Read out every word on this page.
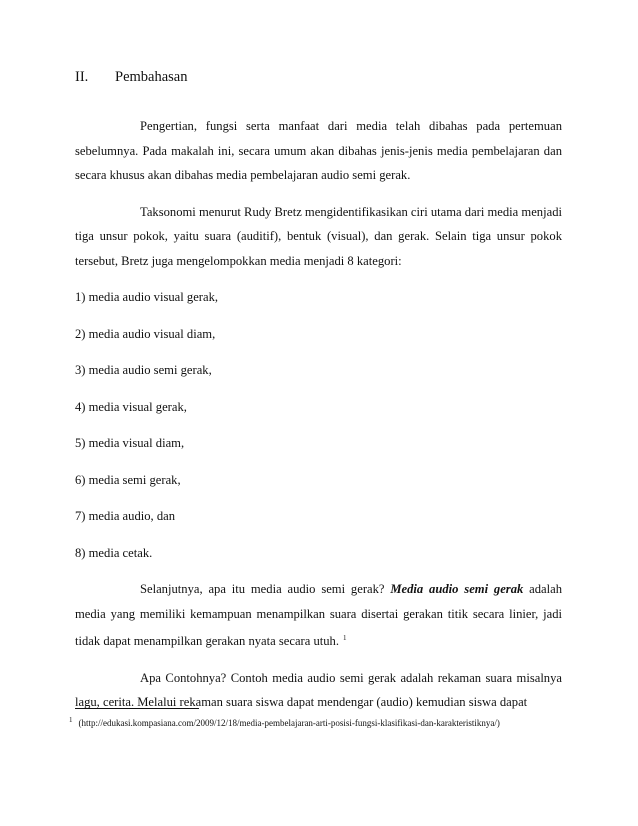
II. Pembahasan

Pengertian, fungsi serta manfaat dari media telah dibahas pada pertemuan sebelumnya. Pada makalah ini, secara umum akan dibahas jenis-jenis media pembelajaran dan secara khusus akan dibahas media pembelajaran audio semi gerak.

Taksonomi menurut Rudy Bretz mengidentifikasikan ciri utama dari media menjadi tiga unsur pokok, yaitu suara (auditif), bentuk (visual), dan gerak. Selain tiga unsur pokok tersebut, Bretz juga mengelompokkan media menjadi 8 kategori:

1) media audio visual gerak,
2) media audio visual diam,
3) media audio semi gerak,
4) media visual gerak,
5) media visual diam,
6) media semi gerak,
7) media audio, dan
8) media cetak.

Selanjutnya, apa itu media audio semi gerak? Media audio semi gerak adalah media yang memiliki kemampuan menampilkan suara disertai gerakan titik secara linier, jadi tidak dapat menampilkan gerakan nyata secara utuh. $^1$

Apa Contohnya? Contoh media audio semi gerak adalah rekaman suara misalnya lagu, cerita. Melalui rekaman suara siswa dapat mendengar (audio) kemudian siswa dapat

$^1$ (http://edukasi.kompasiana.com/2009/12/18/media-pembelajaran-arti-posisi-fungsi-klasifikasi-dan-karakteristiknya/)
